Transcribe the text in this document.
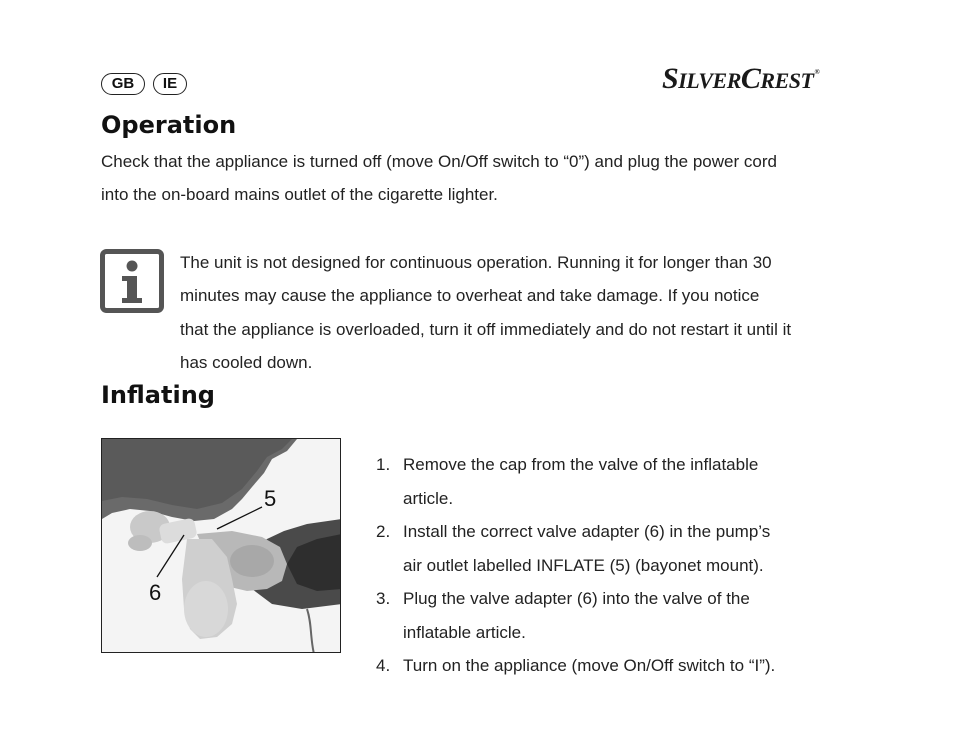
GB	IE	SILVERCREST®
Operation

Check that the appliance is turned off (move On/Off switch to “0”) and plug the power cord

into the on-board mains outlet of the cigarette lighter.

The unit is not designed for continuous operation. Running it for longer than 30

minutes may cause the appliance to overheat and take damage. If you notice

that the appliance is overloaded, turn it off immediately and do not restart it until it

has cooled down.

Inflating
5
6
1. Remove the cap from the valve of the inflatable
article.
2. Install the correct valve adapter (6) in the pump’s
air outlet labelled INFLATE (5) (bayonet mount).
3. Plug the valve adapter (6) into the valve of the
inflatable article.
4. Turn on the appliance (move On/Off switch to “I”).
